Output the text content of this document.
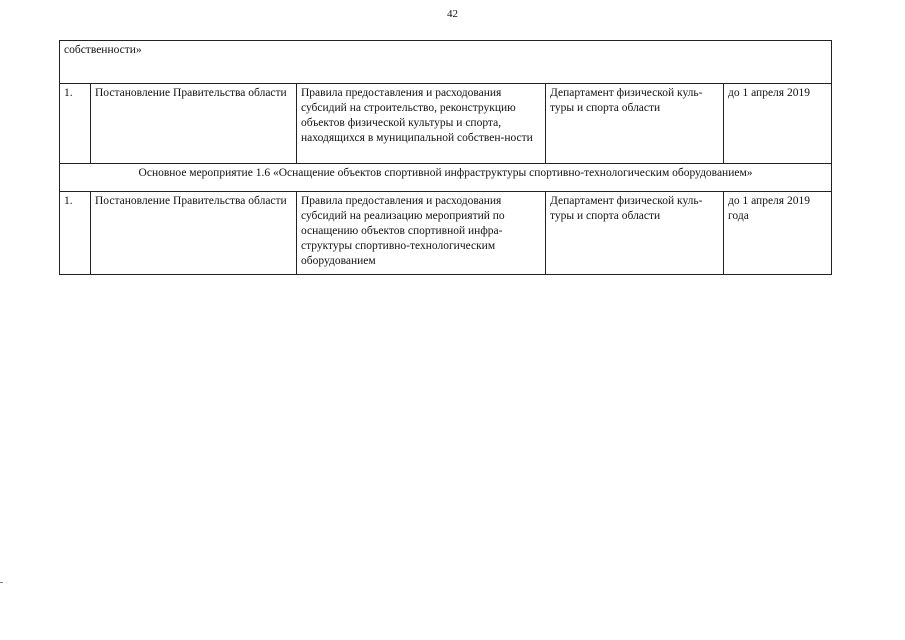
42
собственности»				
1.	Постановление Правительства области	Правила предоставления и расходования субсидий на строительство, реконструкцию объектов физической культуры и спорта, находящихся в муниципальной собствен-ности	Департамент физической куль-туры и спорта области	до 1 апреля 2019
Основное мероприятие 1.6 «Оснащение объектов спортивной инфраструктуры спортивно-технологическим оборудованием»				
1.	Постановление Правительства области	Правила предоставления и расходования субсидий на реализацию мероприятий по оснащению объектов спортивной инфра-структуры спортивно-технологическим оборудованием	Департамент физической куль-туры и спорта области	до 1 апреля 2019 года
